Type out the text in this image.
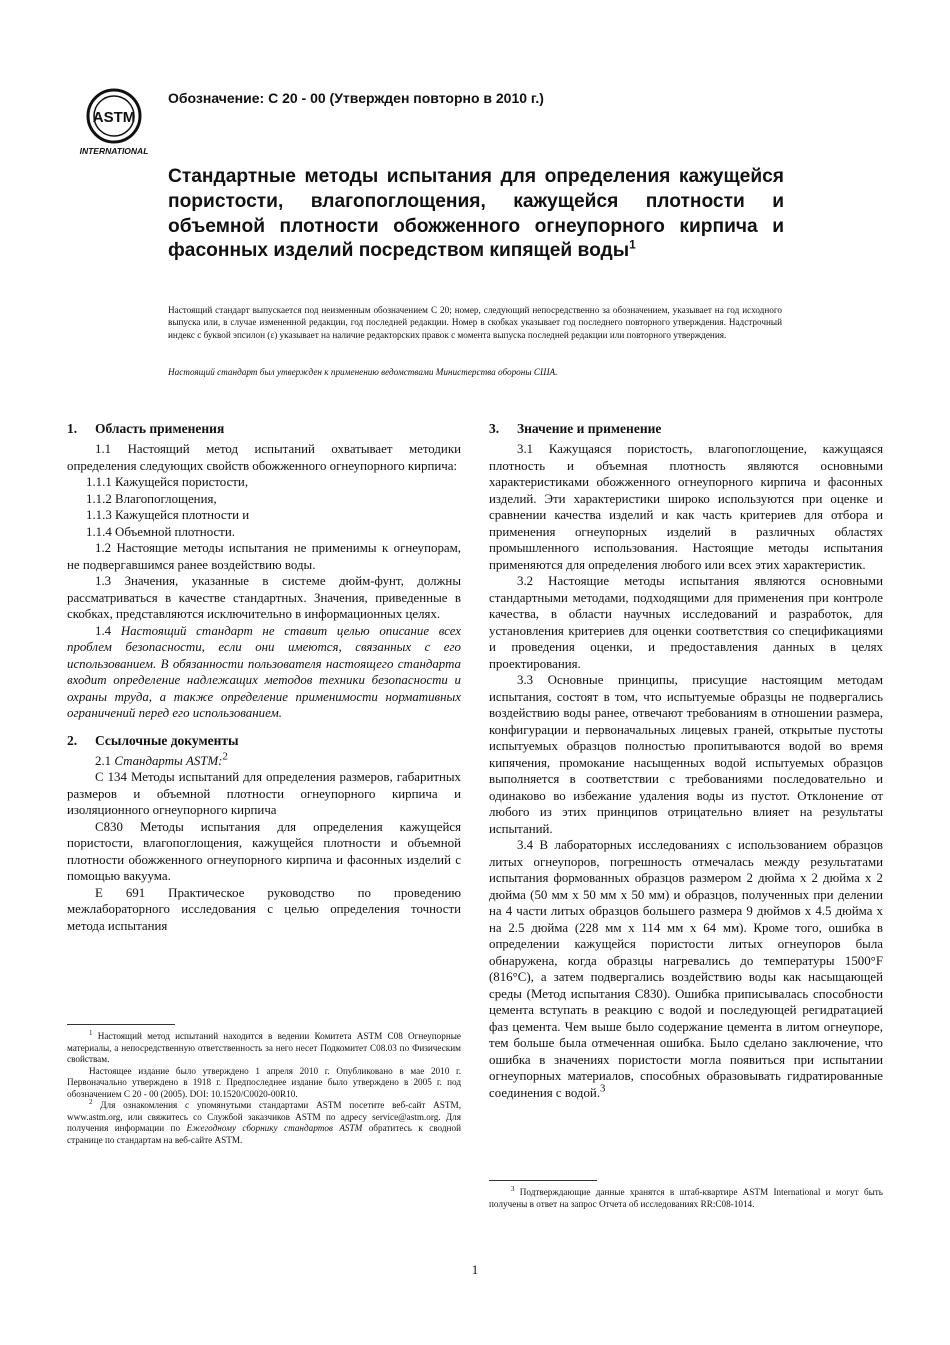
ASTM
INTERNATIONAL
Обозначение: C 20 - 00 (Утвержден повторно в 2010 г.)
Стандартные методы испытания для определения кажущейся пористости, влагопоглощения, кажущейся плотности и объемной плотности обожженного огнеупорного кирпича и фасонных изделий посредством кипящей воды$^1$
Настоящий стандарт выпускается под неизменным обозначением C 20; номер, следующий непосредственно за обозначением, указывает на год исходного выпуска или, в случае измененной редакции, год последней редакции. Номер в скобках указывает год последнего повторного утверждения. Надстрочный индекс с буквой эпсилон (ε) указывает на наличие редакторских правок с момента выпуска последней редакции или повторного утверждения.
Настоящий стандарт был утвержден к применению ведомствами Министерства обороны США.
1. Область применения

1.1 Настоящий метод испытаний охватывает методики определения следующих свойств обожженного огнеупорного кирпича:

1.1.1 Кажущейся пористости,

1.1.2 Влагопоглощения,

1.1.3 Кажущейся плотности и

1.1.4 Объемной плотности.

1.2 Настоящие методы испытания не применимы к огнеупорам, не подвергавшимся ранее воздействию воды.

1.3 Значения, указанные в системе дюйм-фунт, должны рассматриваться в качестве стандартных. Значения, приведенные в скобках, представляются исключительно в информационных целях.

1.4 Настоящий стандарт не ставит целью описание всех проблем безопасности, если они имеются, связанных с его использованием. В обязанности пользователя настоящего стандарта входит определение надлежащих методов техники безопасности и охраны труда, а также определение применимости нормативных ограничений перед его использованием.

2. Ссылочные документы

2.1 Стандарты ASTM:$^2$

C 134 Методы испытаний для определения размеров, габаритных размеров и объемной плотности огнеупорного кирпича и изоляционного огнеупорного кирпича

C830 Методы испытания для определения кажущейся пористости, влагопоглощения, кажущейся плотности и объемной плотности обожженного огнеупорного кирпича и фасонных изделий с помощью вакуума.

E 691 Практическое руководство по проведению межлабораторного исследования с целью определения точности метода испытания

$^1$ Настоящий метод испытаний находится в ведении Комитета ASTM C08 Огнеупорные материалы, а непосредственную ответственность за него несет Подкомитет C08.03 по Физическим свойствам.

Настоящее издание было утверждено 1 апреля 2010 г. Опубликовано в мае 2010 г. Первоначально утверждено в 1918 г. Предпоследнее издание было утверждено в 2005 г. под обозначением C 20 - 00 (2005). DOI: 10.1520/C0020-00R10.

$^2$ Для ознакомления с упомянутыми стандартами ASTM посетите веб-сайт ASTM, www.astm.org, или свяжитесь со Службой заказчиков ASTM по адресу service@astm.org. Для получения информации по Ежегодному сборнику стандартов ASTM обратитесь к сводной странице по стандартам на веб-сайте ASTM.

3. Значение и применение

3.1 Кажущаяся пористость, влагопоглощение, кажущаяся плотность и объемная плотность являются основными характеристиками обожженного огнеупорного кирпича и фасонных изделий. Эти характеристики широко используются при оценке и сравнении качества изделий и как часть критериев для отбора и применения огнеупорных изделий в различных областях промышленного использования. Настоящие методы испытания применяются для определения любого или всех этих характеристик.

3.2 Настоящие методы испытания являются основными стандартными методами, подходящими для применения при контроле качества, в области научных исследований и разработок, для установления критериев для оценки соответствия со спецификациями и проведения оценки, и предоставления данных в целях проектирования.

3.3 Основные принципы, присущие настоящим методам испытания, состоят в том, что испытуемые образцы не подвергались воздействию воды ранее, отвечают требованиям в отношении размера, конфигурации и первоначальных лицевых граней, открытые пустоты испытуемых образцов полностью пропитываются водой во время кипячения, промокание насыщенных водой испытуемых образцов выполняется в соответствии с требованиями последовательно и одинаково во избежание удаления воды из пустот. Отклонение от любого из этих принципов отрицательно влияет на результаты испытаний.

3.4 В лабораторных исследованиях с использованием образцов литых огнеупоров, погрешность отмечалась между результатами испытания формованных образцов размером 2 дюйма x 2 дюйма x 2 дюйма (50 мм x 50 мм x 50 мм) и образцов, полученных при делении на 4 части литых образцов большего размера 9 дюймов x 4.5 дюйма x на 2.5 дюйма (228 мм x 114 мм x 64 мм). Кроме того, ошибка в определении кажущейся пористости литых огнеупоров была обнаружена, когда образцы нагревались до температуры 1500°F (816°C), а затем подвергались воздействию воды как насыщающей среды (Метод испытания C830). Ошибка приписывалась способности цемента вступать в реакцию с водой и последующей регидратацией фаз цемента. Чем выше было содержание цемента в литом огнеупоре, тем больше была отмеченная ошибка. Было сделано заключение, что ошибка в значениях пористости могла появиться при испытании огнеупорных материалов, способных образовывать гидратированные соединения с водой.$^3$

$^3$ Подтверждающие данные хранятся в штаб-квартире ASTM International и могут быть получены в ответ на запрос Отчета об исследованиях RR:C08-1014.

1
